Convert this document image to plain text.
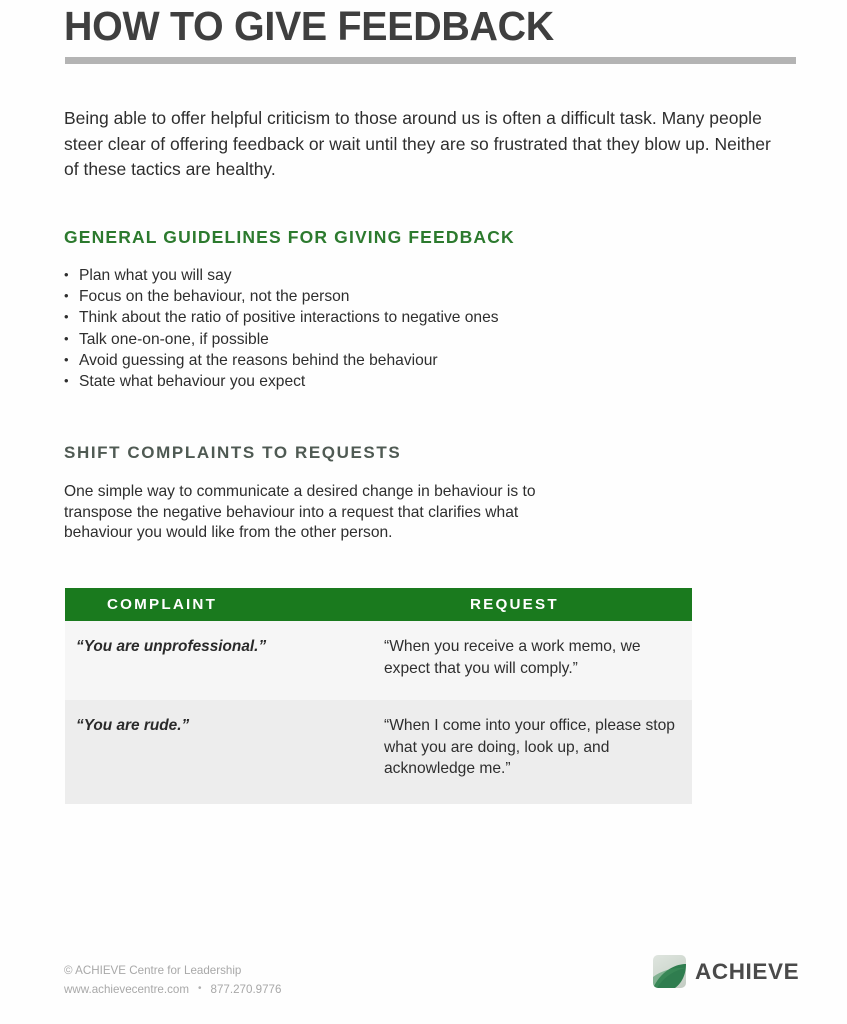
HOW TO GIVE FEEDBACK
Being able to offer helpful criticism to those around us is often a difficult task. Many people steer clear of offering feedback or wait until they are so frustrated that they blow up. Neither of these tactics are healthy.
GENERAL GUIDELINES FOR GIVING FEEDBACK
• Plan what you will say
• Focus on the behaviour, not the person
• Think about the ratio of positive interactions to negative ones
• Talk one-on-one, if possible
• Avoid guessing at the reasons behind the behaviour
• State what behaviour you expect
SHIFT COMPLAINTS TO REQUESTS
One simple way to communicate a desired change in behaviour is to transpose the negative behaviour into a request that clarifies what behaviour you would like from the other person.
COMPLAINT	REQUEST
“You are unprofessional.”	“When you receive a work memo, we expect that you will comply.”
“You are rude.”	“When I come into your office, please stop what you are doing, look up, and acknowledge me.”
© ACHIEVE Centre for Leadership
www.achievecentre.com • 877.270.9776
ACHIEVE
